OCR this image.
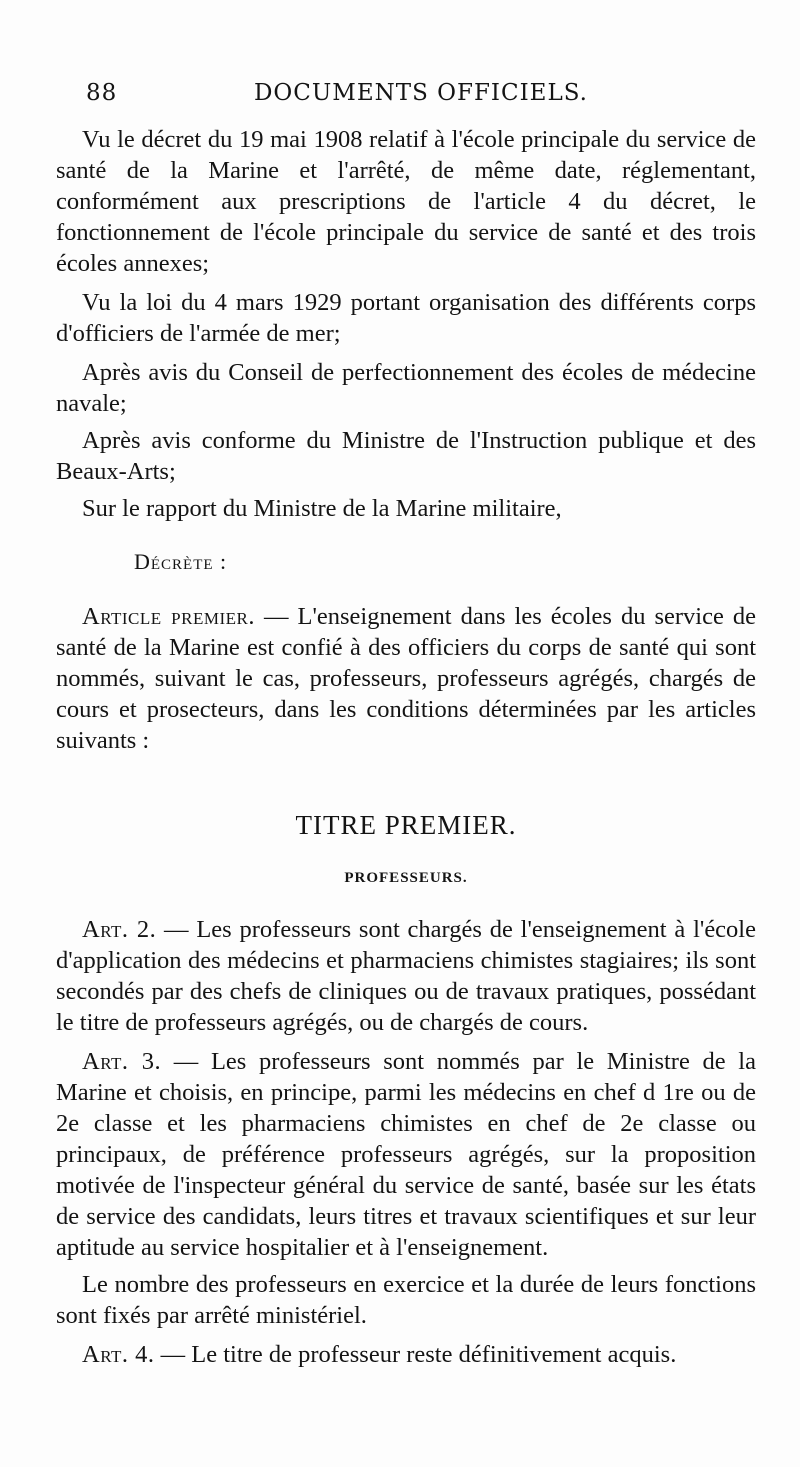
88	DOCUMENTS OFFICIELS.

Vu le décret du 19 mai 1908 relatif à l'école principale du service de santé de la Marine et l'arrêté, de même date, réglementant, conformément aux prescriptions de l'article 4 du décret, le fonctionnement de l'école principale du service de santé et des trois écoles annexes;

Vu la loi du 4 mars 1929 portant organisation des différents corps d'officiers de l'armée de mer;

Après avis du Conseil de perfectionnement des écoles de médecine navale;

Après avis conforme du Ministre de l'Instruction publique et des Beaux-Arts;

Sur le rapport du Ministre de la Marine militaire,

Décrète :

Article premier. — L'enseignement dans les écoles du service de santé de la Marine est confié à des officiers du corps de santé qui sont nommés, suivant le cas, professeurs, professeurs agrégés, chargés de cours et prosecteurs, dans les conditions déterminées par les articles suivants :

TITRE PREMIER.
PROFESSEURS.

Art. 2. — Les professeurs sont chargés de l'enseignement à l'école d'application des médecins et pharmaciens chimistes stagiaires; ils sont secondés par des chefs de cliniques ou de travaux pratiques, possédant le titre de professeurs agrégés, ou de chargés de cours.

Art. 3. — Les professeurs sont nommés par le Ministre de la Marine et choisis, en principe, parmi les médecins en chef d 1re ou de 2e classe et les pharmaciens chimistes en chef de 2e classe ou principaux, de préférence professeurs agrégés, sur la proposition motivée de l'inspecteur général du service de santé, basée sur les états de service des candidats, leurs titres et travaux scientifiques et sur leur aptitude au service hospitalier et à l'enseignement.

Le nombre des professeurs en exercice et la durée de leurs fonctions sont fixés par arrêté ministériel.

Art. 4. — Le titre de professeur reste définitivement acquis.
